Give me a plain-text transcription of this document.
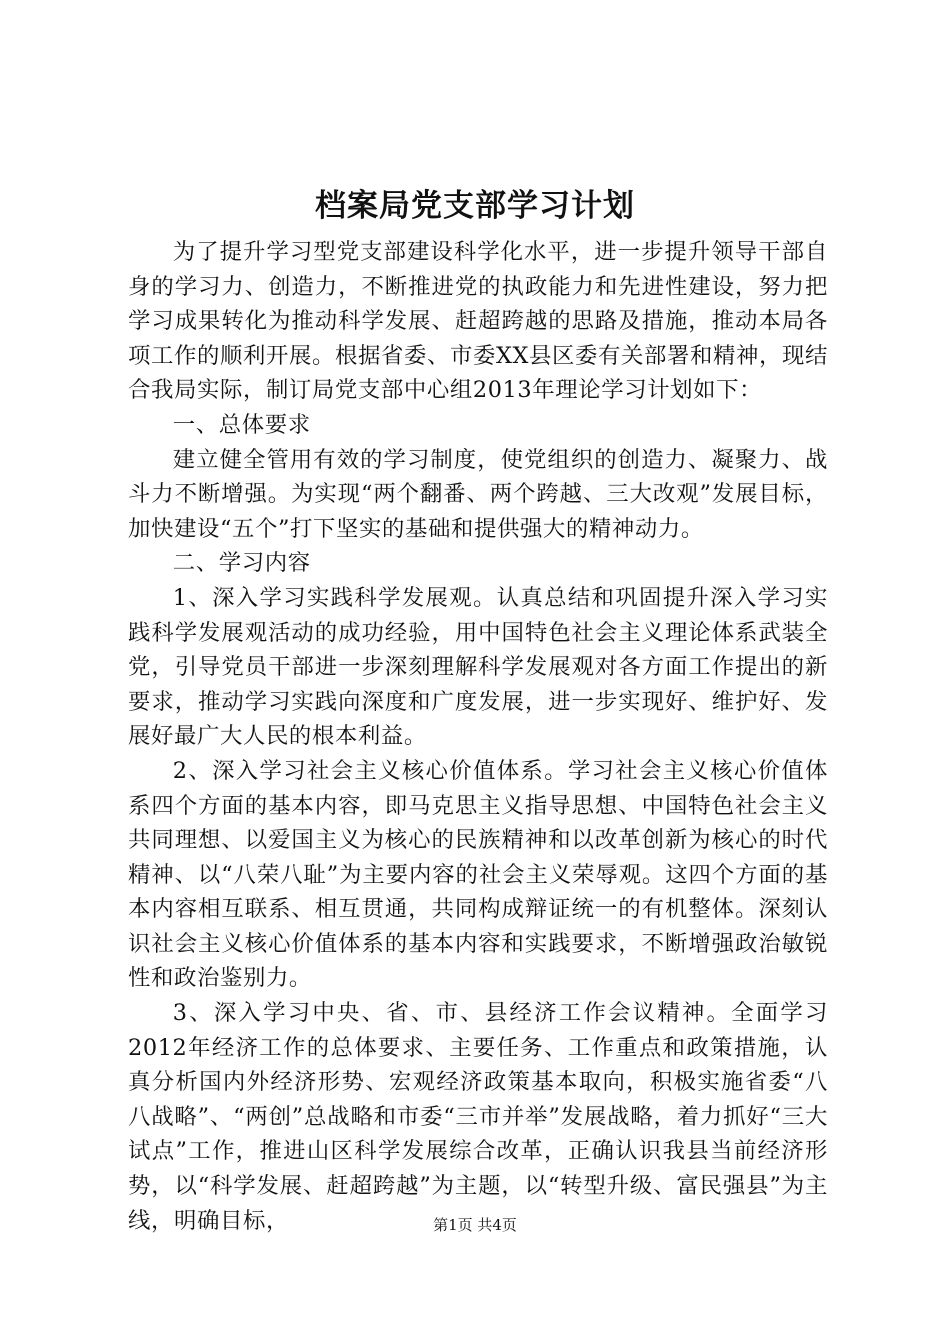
档案局党支部学习计划

为了提升学习型党支部建设科学化水平，进一步提升领导干部自身的学习力、创造力，不断推进党的执政能力和先进性建设，努力把学习成果转化为推动科学发展、赶超跨越的思路及措施，推动本局各项工作的顺利开展。根据省委、市委XX县区委有关部署和精神，现结合我局实际，制订局党支部中心组2013年理论学习计划如下：

一、总体要求

建立健全管用有效的学习制度，使党组织的创造力、凝聚力、战斗力不断增强。为实现“两个翻番、两个跨越、三大改观”发展目标，加快建设“五个”打下坚实的基础和提供强大的精神动力。

二、学习内容

1、深入学习实践科学发展观。认真总结和巩固提升深入学习实践科学发展观活动的成功经验，用中国特色社会主义理论体系武装全党，引导党员干部进一步深刻理解科学发展观对各方面工作提出的新要求，推动学习实践向深度和广度发展，进一步实现好、维护好、发展好最广大人民的根本利益。

2、深入学习社会主义核心价值体系。学习社会主义核心价值体系四个方面的基本内容，即马克思主义指导思想、中国特色社会主义共同理想、以爱国主义为核心的民族精神和以改革创新为核心的时代精神、以“八荣八耻”为主要内容的社会主义荣辱观。这四个方面的基本内容相互联系、相互贯通，共同构成辩证统一的有机整体。深刻认识社会主义核心价值体系的基本内容和实践要求，不断增强政治敏锐性和政治鉴别力。

3、深入学习中央、省、市、县经济工作会议精神。全面学习2012年经济工作的总体要求、主要任务、工作重点和政策措施，认真分析国内外经济形势、宏观经济政策基本取向，积极实施省委“八八战略”、“两创”总战略和市委“三市并举”发展战略，着力抓好“三大试点”工作，推进山区科学发展综合改革，正确认识我县当前经济形势，以“科学发展、赶超跨越”为主题，以“转型升级、富民强县”为主线，明确目标，	第1页 共4页
